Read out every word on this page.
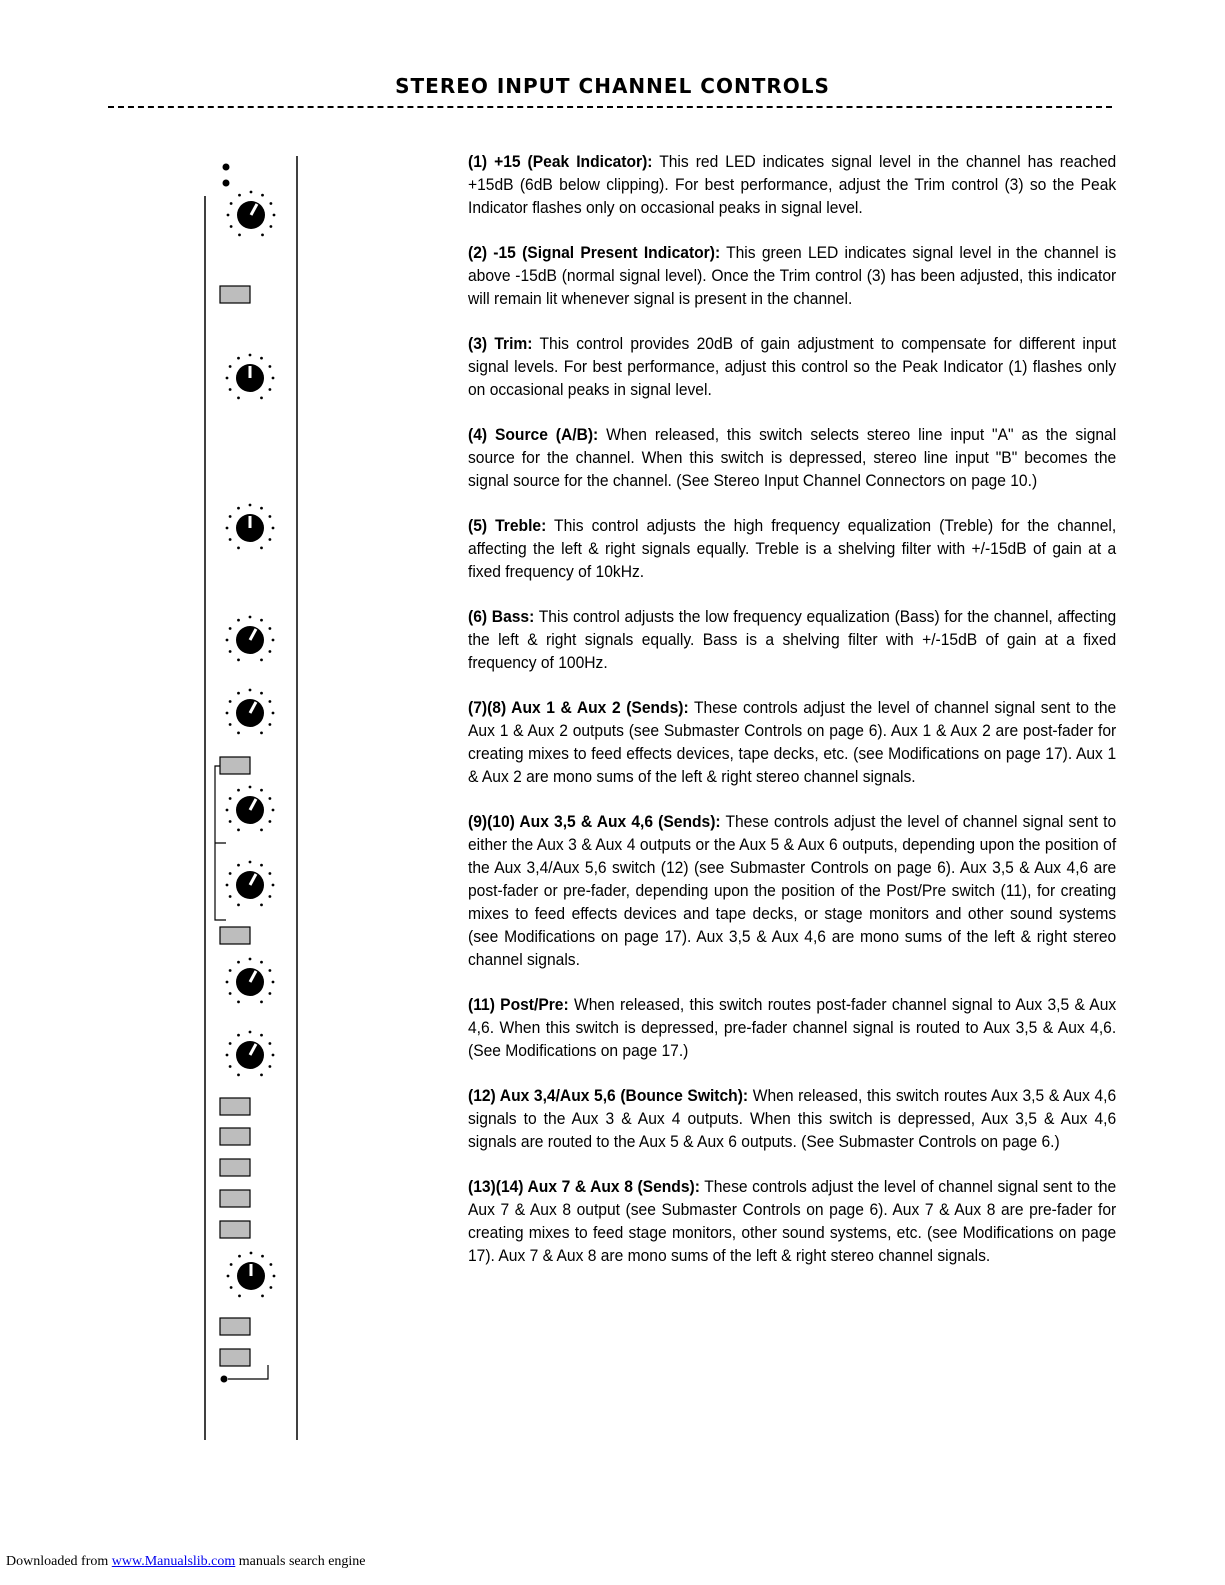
STEREO INPUT CHANNEL CONTROLS

(1) +15 (Peak Indicator): This red LED indicates signal level in the channel has reached +15dB (6dB below clipping). For best performance, adjust the Trim control (3) so the Peak Indicator flashes only on occasional peaks in signal level.

(2) -15 (Signal Present Indicator): This green LED indicates signal level in the channel is above -15dB (normal signal level). Once the Trim control (3) has been adjusted, this indicator will remain lit whenever signal is present in the channel.

(3) Trim: This control provides 20dB of gain adjustment to compensate for different input signal levels. For best performance, adjust this control so the Peak Indicator (1) flashes only on occasional peaks in signal level.

(4) Source (A/B): When released, this switch selects stereo line input "A" as the signal source for the channel. When this switch is depressed, stereo line input "B" becomes the signal source for the channel. (See Stereo Input Channel Connectors on page 10.)

(5) Treble: This control adjusts the high frequency equalization (Treble) for the channel, affecting the left & right signals equally. Treble is a shelving filter with +/-15dB of gain at a fixed frequency of 10kHz.

(6) Bass: This control adjusts the low frequency equalization (Bass) for the channel, affecting the left & right signals equally. Bass is a shelving filter with +/-15dB of gain at a fixed frequency of 100Hz.

(7)(8) Aux 1 & Aux 2 (Sends): These controls adjust the level of channel signal sent to the Aux 1 & Aux 2 outputs (see Submaster Controls on page 6). Aux 1 & Aux 2 are post-fader for creating mixes to feed effects devices, tape decks, etc. (see Modifications on page 17). Aux 1 & Aux 2 are mono sums of the left & right stereo channel signals.

(9)(10) Aux 3,5 & Aux 4,6 (Sends): These controls adjust the level of channel signal sent to either the Aux 3 & Aux 4 outputs or the Aux 5 & Aux 6 outputs, depending upon the position of the Aux 3,4/Aux 5,6 switch (12) (see Submaster Controls on page 6). Aux 3,5 & Aux 4,6 are post-fader or pre-fader, depending upon the position of the Post/Pre switch (11), for creating mixes to feed effects devices and tape decks, or stage monitors and other sound systems (see Modifications on page 17). Aux 3,5 & Aux 4,6 are mono sums of the left & right stereo channel signals.

(11) Post/Pre: When released, this switch routes post-fader channel signal to Aux 3,5 & Aux 4,6. When this switch is depressed, pre-fader channel signal is routed to Aux 3,5 & Aux 4,6. (See Modifications on page 17.)

(12) Aux 3,4/Aux 5,6 (Bounce Switch): When released, this switch routes Aux 3,5 & Aux 4,6 signals to the Aux 3 & Aux 4 outputs. When this switch is depressed, Aux 3,5 & Aux 4,6 signals are routed to the Aux 5 & Aux 6 outputs. (See Submaster Controls on page 6.)

(13)(14) Aux 7 & Aux 8 (Sends): These controls adjust the level of channel signal sent to the Aux 7 & Aux 8 output (see Submaster Controls on page 6). Aux 7 & Aux 8 are pre-fader for creating mixes to feed stage monitors, other sound systems, etc. (see Modifications on page 17). Aux 7 & Aux 8 are mono sums of the left & right stereo channel signals.

Downloaded from www.Manualslib.com manuals search engine
